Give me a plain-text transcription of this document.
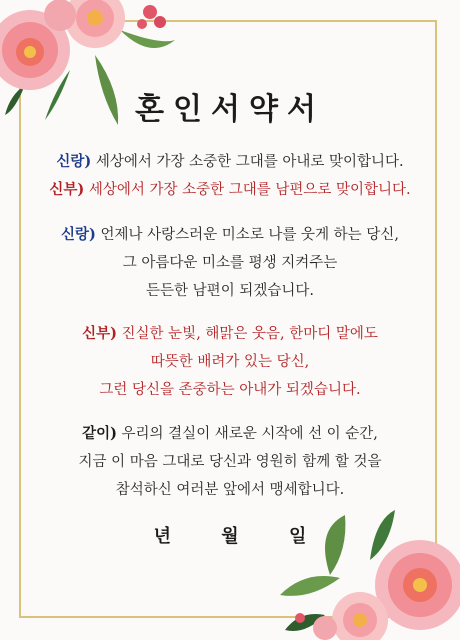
혼인서약서
신랑) 세상에서 가장 소중한 그대를 아내로 맞이합니다.
신부) 세상에서 가장 소중한 그대를 남편으로 맞이합니다.
신랑) 언제나 사랑스러운 미소로 나를 웃게 하는 당신,
그 아름다운 미소를 평생 지켜주는
든든한 남편이 되겠습니다.
신부) 진실한 눈빛, 해맑은 웃음, 한마디 말에도
따뜻한 배려가 있는 당신,
그런 당신을 존중하는 아내가 되겠습니다.
같이) 우리의 결실이 새로운 시작에 선 이 순간,
지금 이 마음 그대로 당신과 영원히 함께 할 것을
참석하신 여러분 앞에서 맹세합니다.
년	월	일
